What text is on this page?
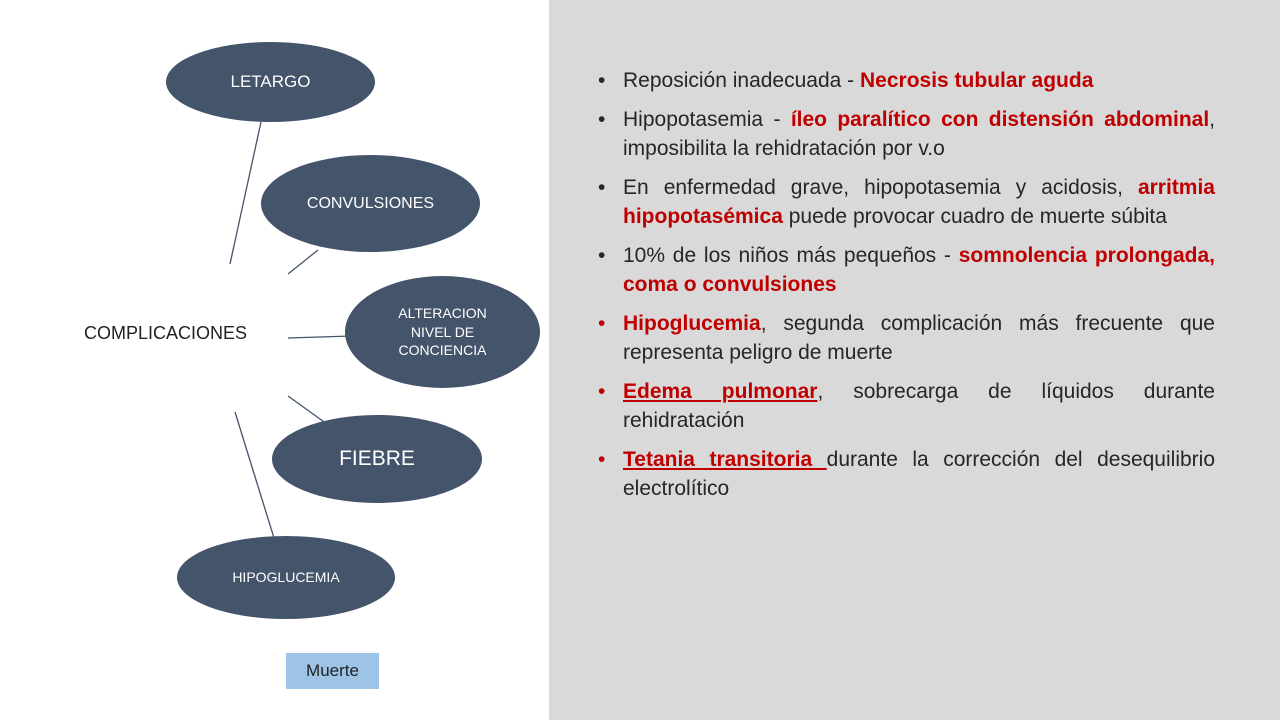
LETARGO
CONVULSIONES
ALTERACION NIVEL DE CONCIENCIA
FIEBRE
HIPOGLUCEMIA
COMPLICACIONES
Muerte
• Reposición inadecuada - Necrosis tubular aguda
• Hipopotasemia - íleo paralítico con distensión abdominal, imposibilita la rehidratación por v.o
• En enfermedad grave, hipopotasemia y acidosis, arritmia hipopotasémica puede provocar cuadro de muerte súbita
• 10% de los niños más pequeños - somnolencia prolongada, coma o convulsiones
• Hipoglucemia, segunda complicación más frecuente que representa peligro de muerte
• Edema pulmonar, sobrecarga de líquidos durante rehidratación
• Tetania transitoria durante la corrección del desequilibrio electrolítico
